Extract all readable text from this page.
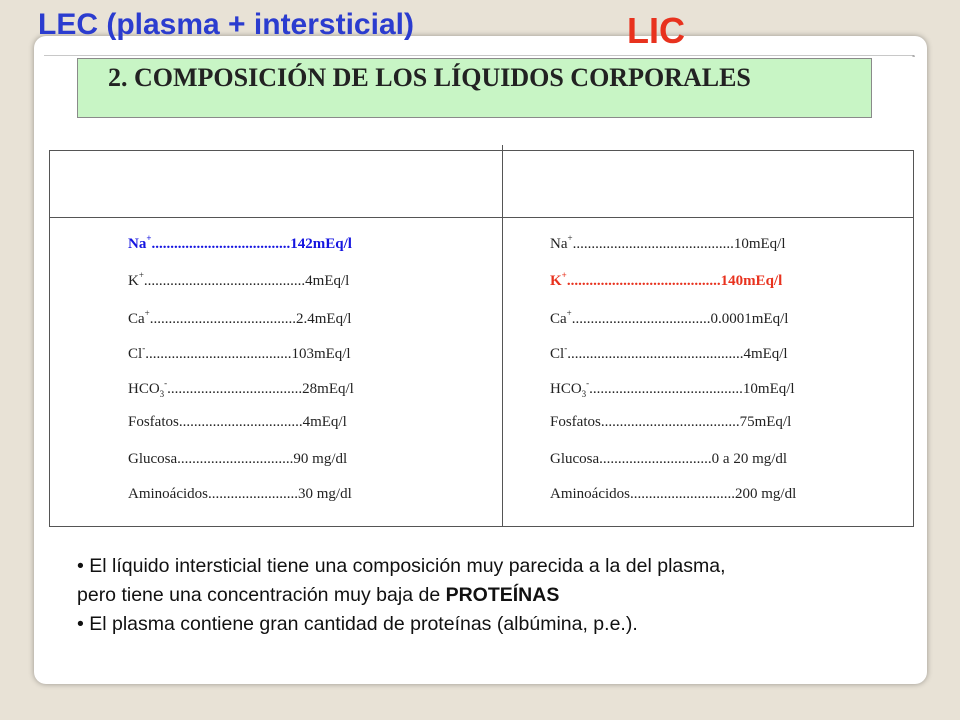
2. COMPOSICIÓN DE LOS LÍQUIDOS CORPORALES
LEC (plasma + intersticial)	LIC
Na+.....................................142mEq/l
K+...........................................4mEq/l
Ca+.......................................2.4mEq/l
Cl-.......................................103mEq/l
$HCO_3^-....................................28mEq/l$
Fosfatos.................................4mEq/l
Glucosa...............................90 mg/dl
Aminoácidos........................30 mg/dl
Na+...........................................10mEq/l
K+.........................................140mEq/l
Ca+.....................................0.0001mEq/l
Cl-...............................................4mEq/l
$HCO_3^-.........................................10mEq/l$
Fosfatos.....................................75mEq/l
Glucosa..............................0 a 20 mg/dl
Aminoácidos............................200 mg/dl
• El líquido intersticial tiene una composición muy parecida a la del plasma,
pero tiene una concentración muy baja de PROTEÍNAS
• El plasma contiene gran cantidad de proteínas (albúmina, p.e.).
-
